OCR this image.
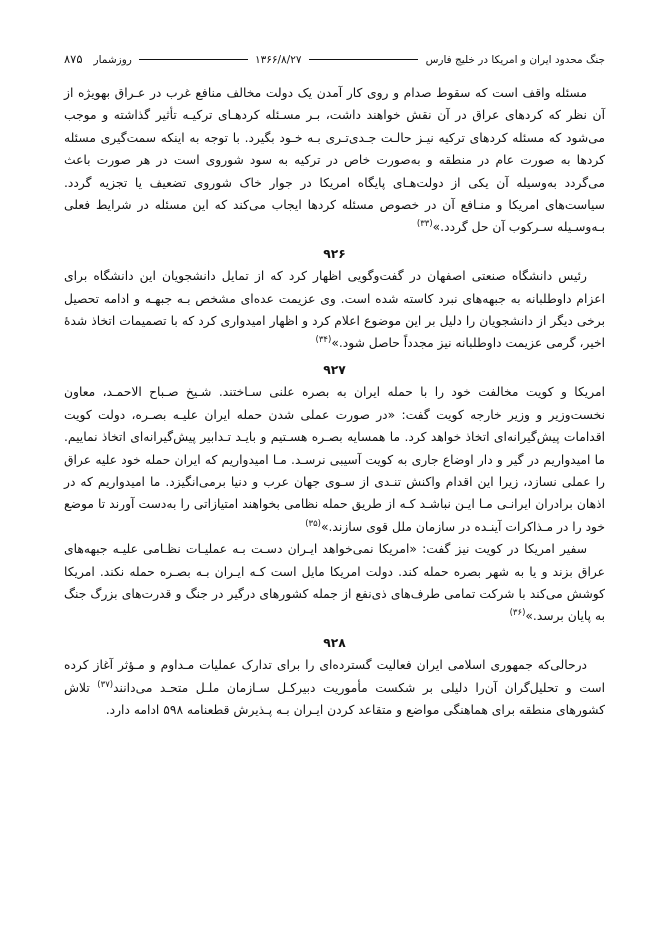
۸۷۵ روزشمار	۱۳۶۶/۸/۲۷	جنگ محدود ایران و امریکا در خلیج فارس

مسئله واقف است که سقوط صدام و روی کار آمدن یک دولت مخالف منافع غرب در عـراق بهویژه از آن نظر که کردهای عراق در آن نقش خواهند داشت، بـر مسـئله کردهـای ترکیـه تأثیر گذاشته و موجب می‌شود که مسئله کردهای ترکیه نیـز حالـت جـدی‌تـری بـه خـود بگیرد. با توجه به اینکه سمت‌گیری مسئله کردها به صورت عام در منطقه و به‌صورت خاص در ترکیه به سود شوروی است در هر صورت باعث می‌گردد به‌وسیله آن یکی از دولت‌هـای پایگاه امریکا در جوار خاک شوروی تضعیف یا تجزیه گردد. سیاست‌های امریکا و منـافع آن در خصوص مسئله کردها ایجاب می‌کند که این مسئله در شرایط فعلی بـه‌وسـیله سـرکوب آن حل گردد.»$^{(۳۳)}$

۹۲۶

رئیس دانشگاه صنعتی اصفهان در گفت‌وگویی اظهار کرد که از تمایل دانشجویان این دانشگاه برای اعزام داوطلبانه به جبهه‌های نبرد کاسته شده است. وی عزیمت عده‌ای مشخص بـه جبهـه و ادامه تحصیل برخی دیگر از دانشجویان را دلیل بر این موضوع اعلام کرد و اظهار امیدواری کرد که با تصمیمات اتخاذ شدهٔ اخیر، گرمی عزیمت داوطلبانه نیز مجدداً حاصل شود.»$^{(۳۴)}$

۹۲۷

امریکا و کویت مخالفت خود را با حمله ایران به بصره علنی سـاختند. شـیخ صـباح الاحمـد، معاون نخست‌وزیر و وزیر خارجه کویت گفت: «در صورت عملی شدن حمله ایران علیـه بصـره، دولت کویت اقدامات پیش‌گیرانه‌ای اتخاذ خواهد کرد. ما همسایه بصـره هسـتیم و بایـد تـدابیر پیش‌گیرانه‌ای اتخاذ نماییم. ما امیدواریم در گیر و دار اوضاع جاری به کویت آسیبی نرسـد. مـا امیدواریم که ایران حمله خود علیه عراق را عملی نسازد، زیرا این اقدام واکنش تنـدی از سـوی جهان عرب و دنیا برمی‌انگیزد. ما امیدواریم که در اذهان برادران ایرانـی مـا ایـن نباشـد کـه از طریق حمله نظامی بخواهند امتیازاتی را به‌دست آورند تا موضع خود را در مـذاکرات آینـده در سازمان ملل قوی سازند.»$^{(۳۵)}$

سفیر امریکا در کویت نیز گفت: «امریکا نمی‌خواهد ایـران دسـت بـه عملیـات نظـامی علیـه جبهه‌های عراق بزند و یا به شهر بصره حمله کند. دولت امریکا مایل است کـه ایـران بـه بصـره حمله نکند. امریکا کوشش می‌کند با شرکت تمامی طرف‌های ذی‌نفع از جمله کشورهای درگیر در جنگ و قدرت‌های بزرگ جنگ به پایان برسد.»$^{(۳۶)}$

۹۲۸

درحالی‌که جمهوری اسلامی ایران فعالیت گسترده‌ای را برای تدارک عملیات مـداوم و مـؤثر آغاز کرده است و تحلیل‌گران آن‌را دلیلی بر شکست مأموریت دبیرکـل سـازمان ملـل متحـد می‌دانند$^{(۳۷)}$ تلاش کشورهای منطقه برای هماهنگی مواضع و متقاعد کردن ایـران بـه پـذیرش قطعنامه ۵۹۸ ادامه دارد.
